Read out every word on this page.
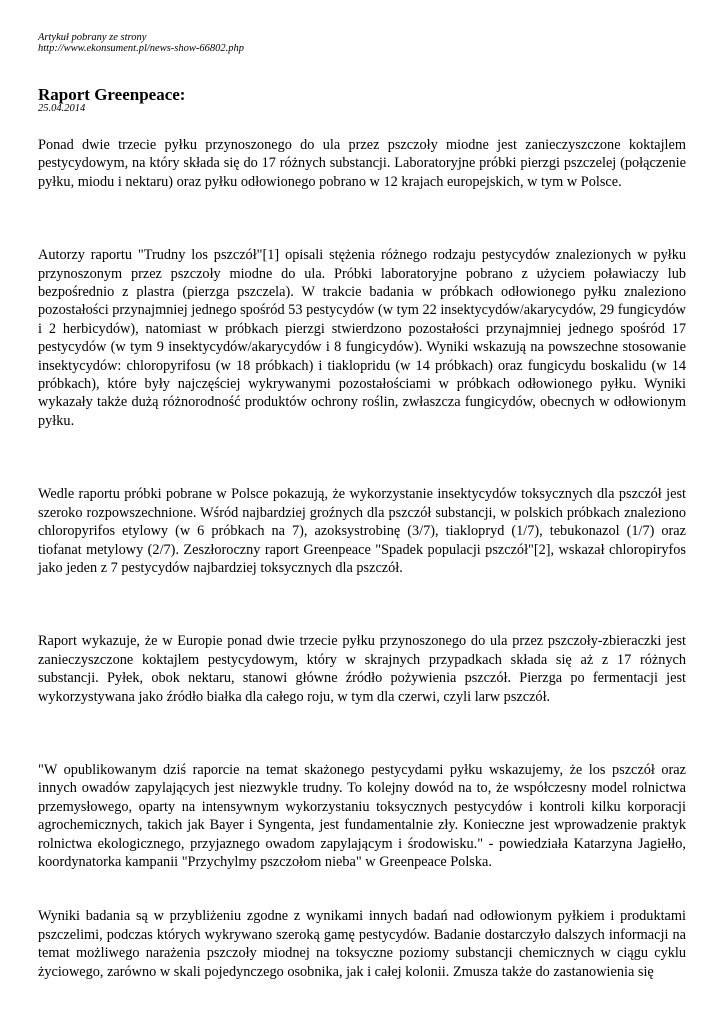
Artykuł pobrany ze strony
http://www.ekonsument.pl/news-show-66802.php
Raport Greenpeace:
25.04.2014

Ponad dwie trzecie pyłku przynoszonego do ula przez pszczoły miodne jest zanieczyszczone koktajlem pestycydowym, na który składa się do 17 różnych substancji. Laboratoryjne próbki pierzgi pszczelej (połączenie pyłku, miodu i nektaru) oraz pyłku odłowionego pobrano w 12 krajach europejskich, w tym w Polsce.

Autorzy raportu "Trudny los pszczół"[1] opisali stężenia różnego rodzaju pestycydów znalezionych w pyłku przynoszonym przez pszczoły miodne do ula. Próbki laboratoryjne pobrano z użyciem poławiaczy lub bezpośrednio z plastra (pierzga pszczela). W trakcie badania w próbkach odłowionego pyłku znaleziono pozostałości przynajmniej jednego spośród 53 pestycydów (w tym 22 insektycydów/akarycydów, 29 fungicydów i 2 herbicydów), natomiast w próbkach pierzgi stwierdzono pozostałości przynajmniej jednego spośród 17 pestycydów (w tym 9 insektycydów/akarycydów i 8 fungicydów). Wyniki wskazują na powszechne stosowanie insektycydów: chloropyrifosu (w 18 próbkach) i tiaklopridu (w 14 próbkach) oraz fungicydu boskalidu (w 14 próbkach), które były najczęściej wykrywanymi pozostałościami w próbkach odłowionego pyłku. Wyniki wykazały także dużą różnorodność produktów ochrony roślin, zwłaszcza fungicydów, obecnych w odłowionym pyłku.

Wedle raportu próbki pobrane w Polsce pokazują, że wykorzystanie insektycydów toksycznych dla pszczół jest szeroko rozpowszechnione. Wśród najbardziej groźnych dla pszczół substancji, w polskich próbkach znaleziono chloropyrifos etylowy (w 6 próbkach na 7), azoksystrobinę (3/7), tiaklopryd (1/7), tebukonazol (1/7) oraz tiofanat metylowy (2/7). Zeszłoroczny raport Greenpeace "Spadek populacji pszczół"[2], wskazał chloropiryfos jako jeden z 7 pestycydów najbardziej toksycznych dla pszczół.

Raport wykazuje, że w Europie ponad dwie trzecie pyłku przynoszonego do ula przez pszczoły-zbieraczki jest zanieczyszczone koktajlem pestycydowym, który w skrajnych przypadkach składa się aż z 17 różnych substancji. Pyłek, obok nektaru, stanowi główne źródło pożywienia pszczół. Pierzga po fermentacji jest wykorzystywana jako źródło białka dla całego roju, w tym dla czerwi, czyli larw pszczół.

"W opublikowanym dziś raporcie na temat skażonego pestycydami pyłku wskazujemy, że los pszczół oraz innych owadów zapylających jest niezwykle trudny. To kolejny dowód na to, że współczesny model rolnictwa przemysłowego, oparty na intensywnym wykorzystaniu toksycznych pestycydów i kontroli kilku korporacji agrochemicznych, takich jak Bayer i Syngenta, jest fundamentalnie zły. Konieczne jest wprowadzenie praktyk rolnictwa ekologicznego, przyjaznego owadom zapylającym i środowisku." - powiedziała Katarzyna Jagiełło, koordynatorka kampanii "Przychylmy pszczołom nieba" w Greenpeace Polska.

Wyniki badania są w przybliżeniu zgodne z wynikami innych badań nad odłowionym pyłkiem i produktami pszczelimi, podczas których wykrywano szeroką gamę pestycydów. Badanie dostarczyło dalszych informacji na temat możliwego narażenia pszczoły miodnej na toksyczne poziomy substancji chemicznych w ciągu cyklu życiowego, zarówno w skali pojedynczego osobnika, jak i całej kolonii. Zmusza także do zastanowienia się
